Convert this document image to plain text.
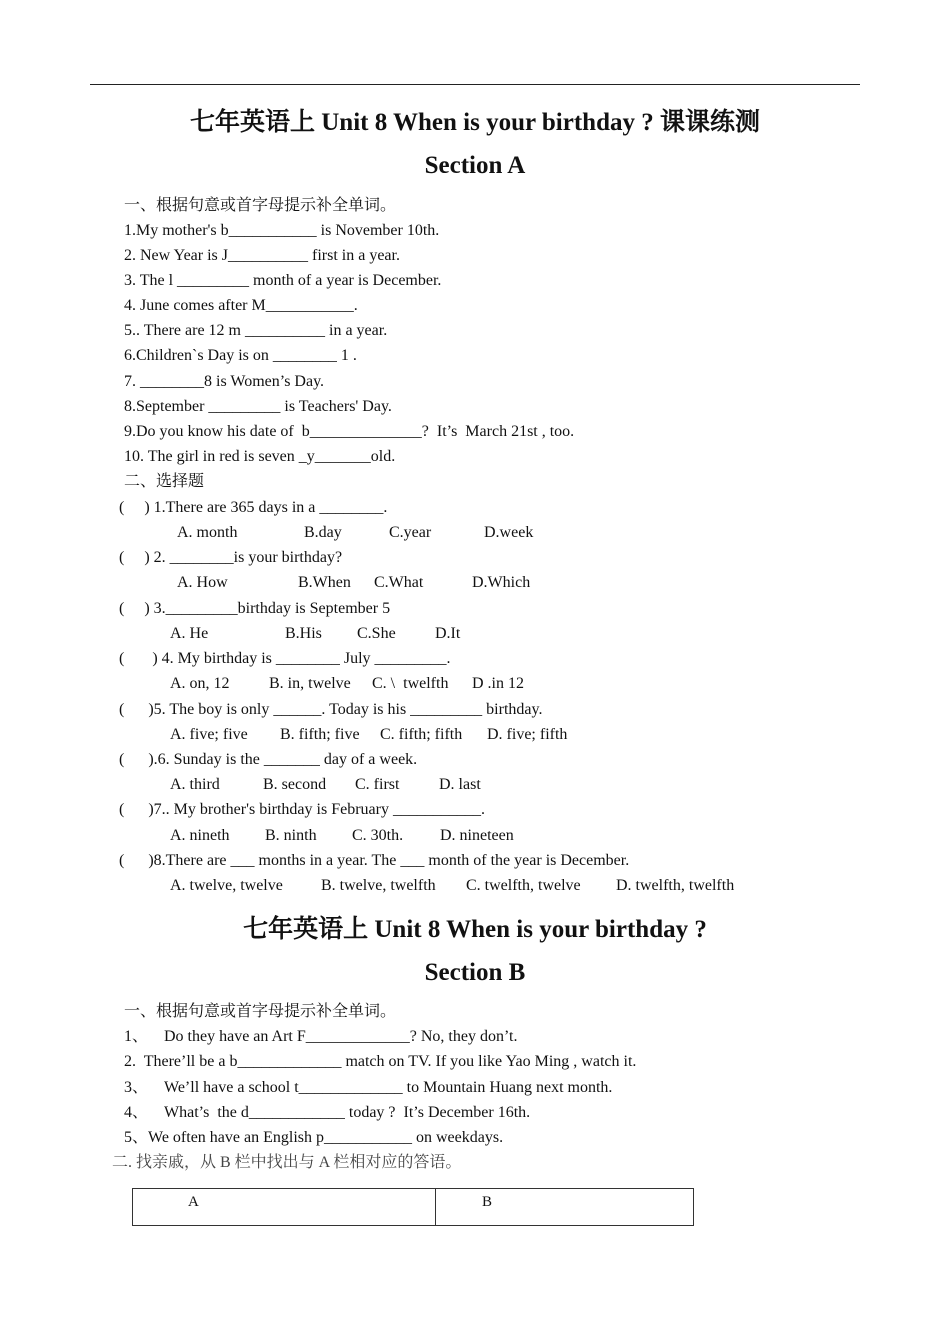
七年英语上 Unit 8 When is your birthday ? 课课练测
Section A
一、根据句意或首字母提示补全单词。
1.My mother's b___________ is November 10th.
2. New Year is J__________ first in a year.
3. The l _________ month of a year is December.
4. June comes after M___________.
5.. There are 12 m __________ in a year.
6.Children`s Day is on ________ 1 .
7. ________8 is Women’s Day.
8.September _________ is Teachers' Day.
9.Do you know his date of  b______________?  It’s  March 21st , too.
10. The girl in red is seven _y_______old.
二、选择题
(     ) 1.There are 365 days in a ________.
A. month	B.day	C.year	D.week
(     ) 2. ________is your birthday?
A. How	B.When C.What	D.Which
(     ) 3._________birthday is September 5
A. He	B.His C.She D.It
(       ) 4. My birthday is ________ July _________.
A. on, 12 B. in, twelve C. \  twelfth D .in 12
(      )5. The boy is only ______. Today is his _________ birthday.
A. five; five B. fifth; five C. fifth; fifth D. five; fifth
(      ).6. Sunday is the _______ day of a week.
A. third	B. second C. first D. last
(      )7.. My brother's birthday is February ___________.
A. nineth B. ninth C. 30th. D. nineteen
(      )8.There are ___ months in a year. The ___ month of the year is December.
A. twelve, twelve B. twelve, twelfth C. twelfth, twelve D. twelfth, twelfth
七年英语上 Unit 8 When is your birthday ?
Section B
一、根据句意或首字母提示补全单词。
1、    Do they have an Art F_____________? No, they don’t.
2.  There’ll be a b_____________ match on TV. If you like Yao Ming , watch it.
3、    We’ll have a school t_____________ to Mountain Huang next month.
4、    What’s  the d____________ today ?  It’s December 16th.
5、We often have an English p___________ on weekdays.
二. 找亲戚，从 B 栏中找出与 A 栏相对应的答语。
A	B
